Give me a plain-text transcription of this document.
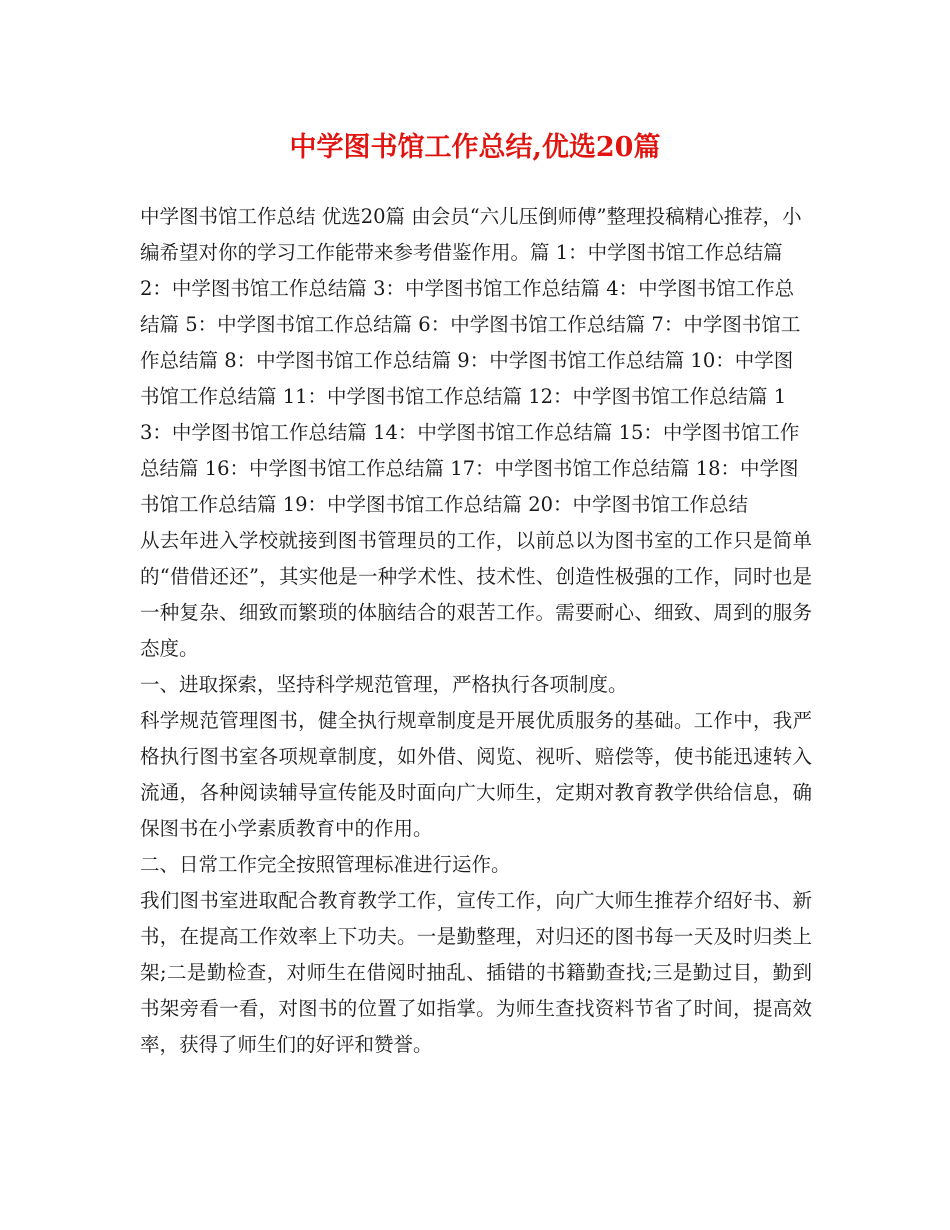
中学图书馆工作总结,优选20篇

中学图书馆工作总结 优选20篇 由会员“六儿压倒师傅”整理投稿精心推荐，小编希望对你的学习工作能带来参考借鉴作用。篇 1：中学图书馆工作总结篇 2：中学图书馆工作总结篇 3：中学图书馆工作总结篇 4：中学图书馆工作总结篇 5：中学图书馆工作总结篇 6：中学图书馆工作总结篇 7：中学图书馆工作总结篇 8：中学图书馆工作总结篇 9：中学图书馆工作总结篇 10：中学图书馆工作总结篇 11：中学图书馆工作总结篇 12：中学图书馆工作总结篇 13：中学图书馆工作总结篇 14：中学图书馆工作总结篇 15：中学图书馆工作总结篇 16：中学图书馆工作总结篇 17：中学图书馆工作总结篇 18：中学图书馆工作总结篇 19：中学图书馆工作总结篇 20：中学图书馆工作总结

从去年进入学校就接到图书管理员的工作，以前总以为图书室的工作只是简单的“借借还还”，其实他是一种学术性、技术性、创造性极强的工作，同时也是一种复杂、细致而繁琐的体脑结合的艰苦工作。需要耐心、细致、周到的服务态度。

一、进取探索，坚持科学规范管理，严格执行各项制度。

科学规范管理图书，健全执行规章制度是开展优质服务的基础。工作中，我严格执行图书室各项规章制度，如外借、阅览、视听、赔偿等，使书能迅速转入流通，各种阅读辅导宣传能及时面向广大师生，定期对教育教学供给信息，确保图书在小学素质教育中的作用。

二、日常工作完全按照管理标准进行运作。

我们图书室进取配合教育教学工作，宣传工作，向广大师生推荐介绍好书、新书，在提高工作效率上下功夫。一是勤整理，对归还的图书每一天及时归类上架;二是勤检查，对师生在借阅时抽乱、插错的书籍勤查找;三是勤过目，勤到书架旁看一看，对图书的位置了如指掌。为师生查找资料节省了时间，提高效率，获得了师生们的好评和赞誉。
